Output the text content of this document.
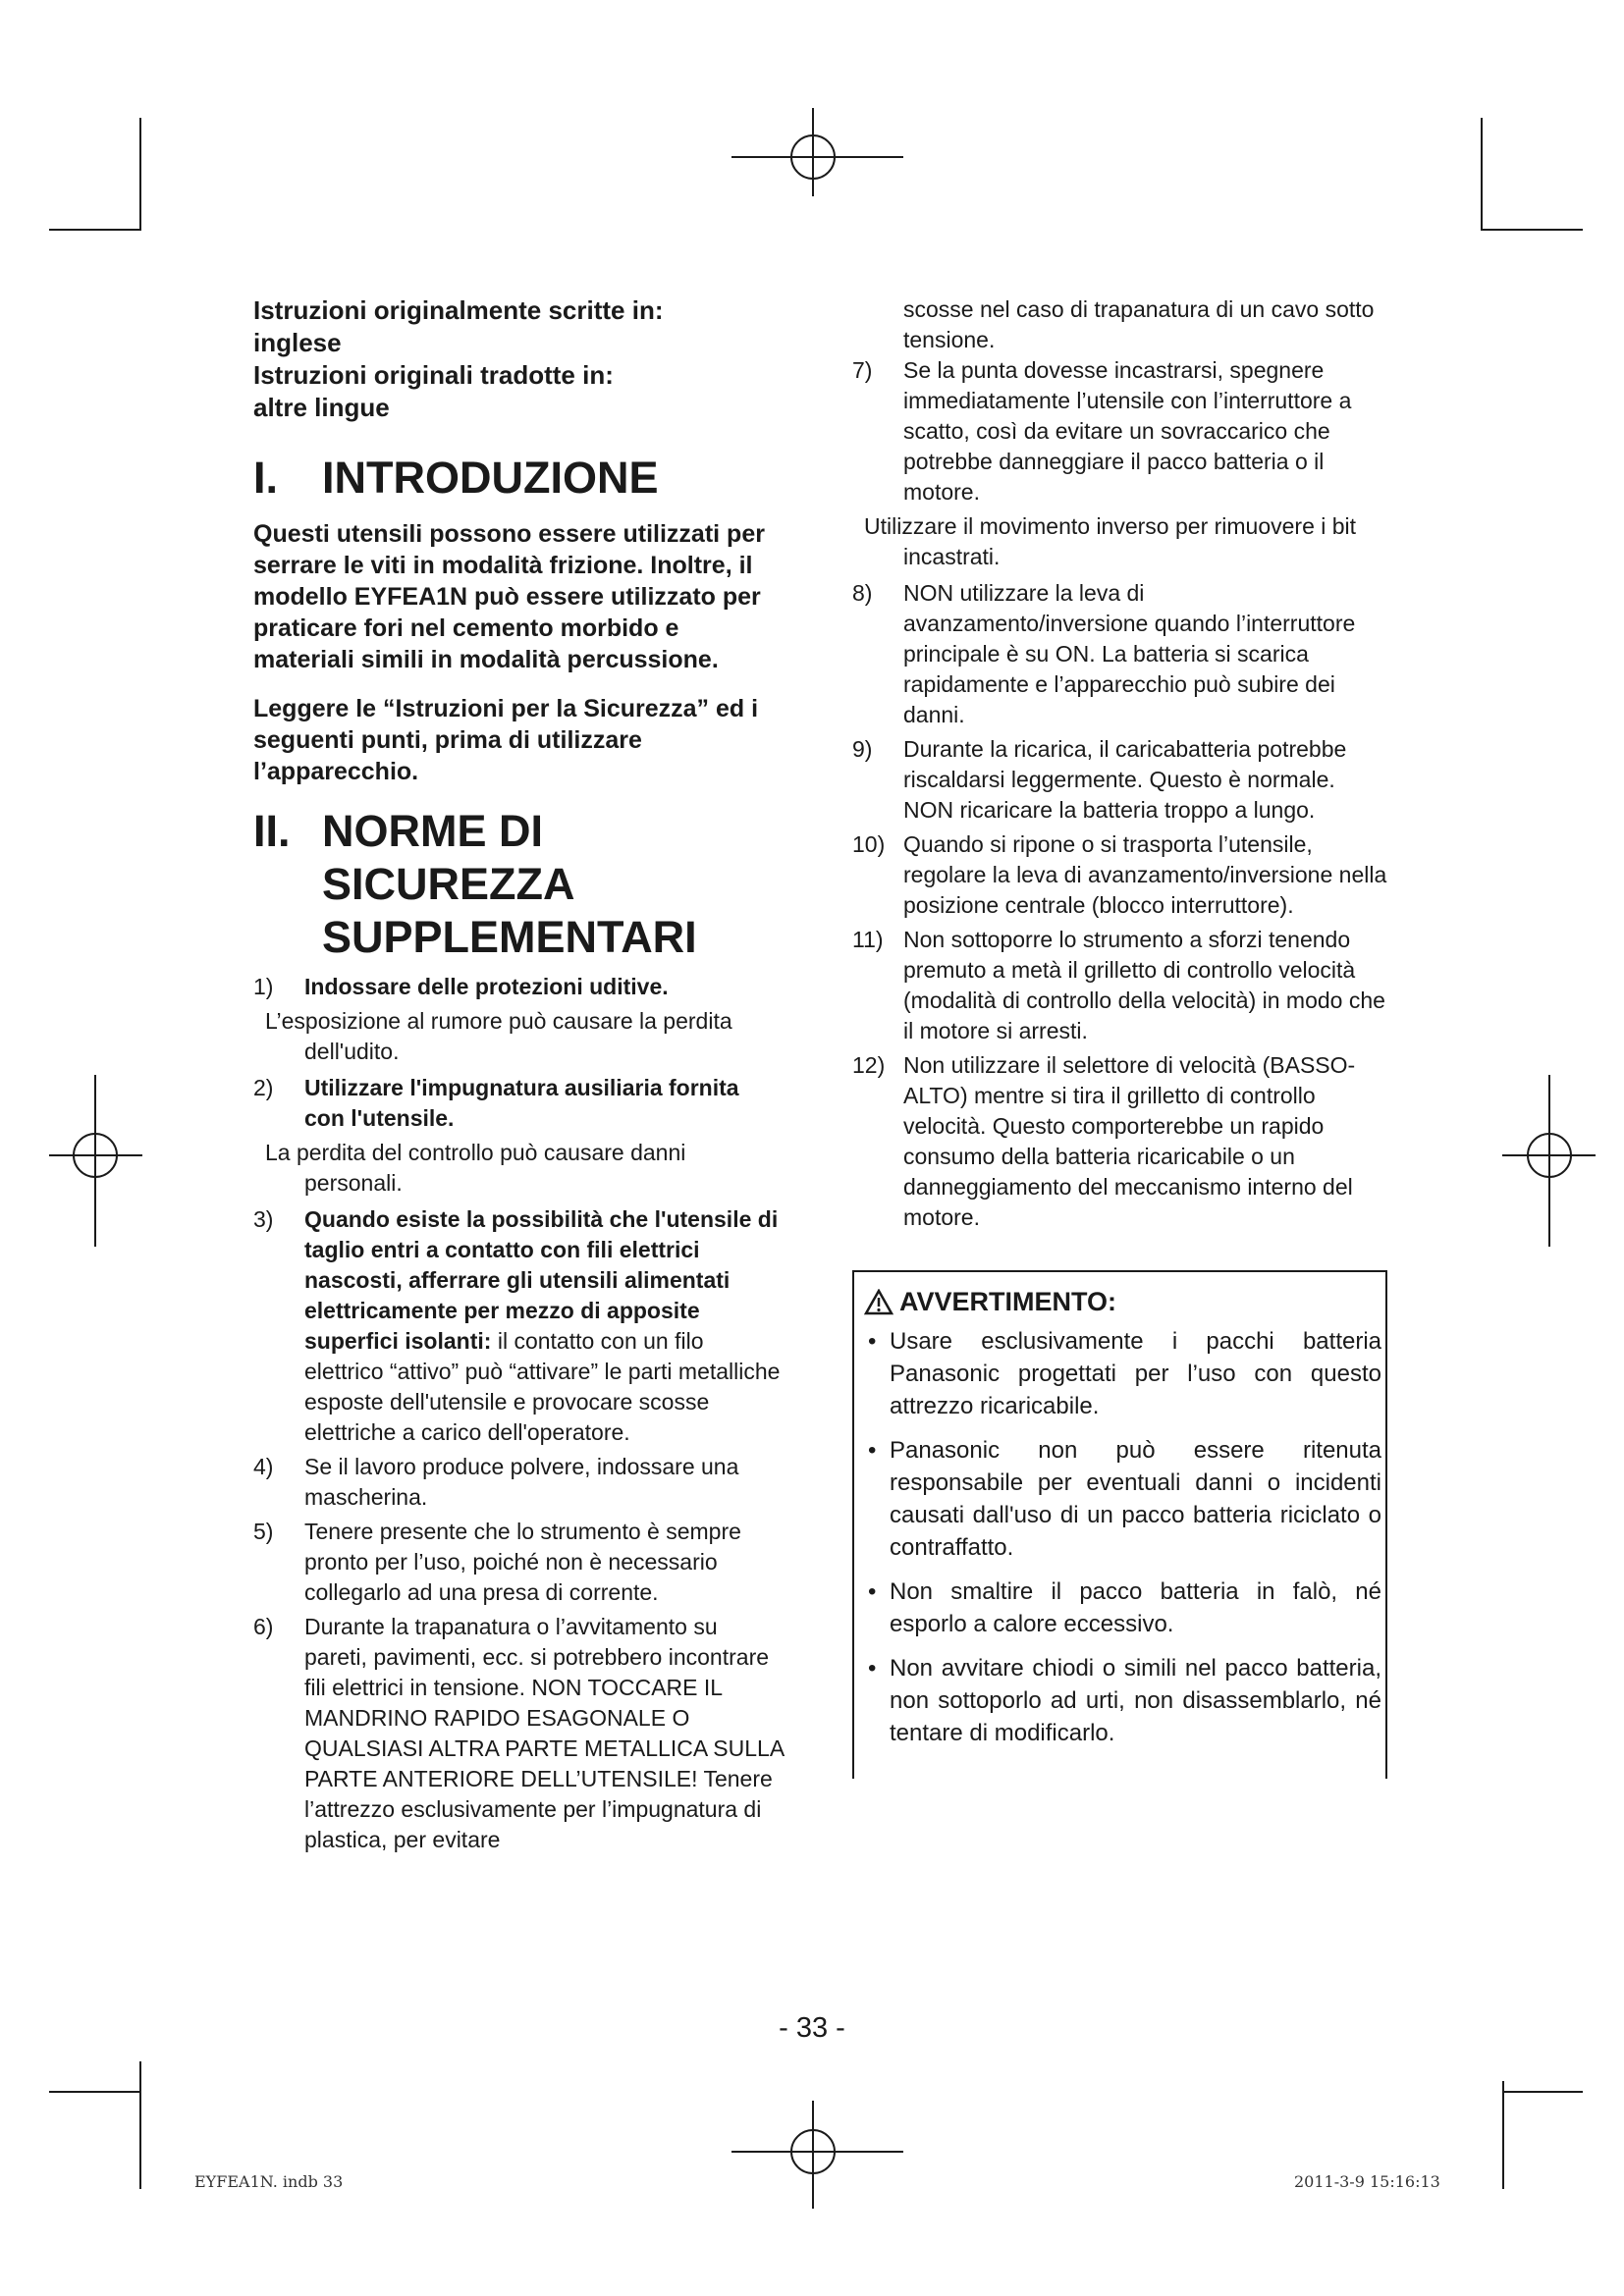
Istruzioni originalmente scritte in:

inglese

Istruzioni originali tradotte in:

altre lingue

I. INTRODUZIONE

Questi utensili possono essere utilizzati per serrare le viti in modalità frizione. Inoltre, il modello EYFEA1N può essere utilizzato per praticare fori nel cemento morbido e materiali simili in modalità percussione.

Leggere le “Istruzioni per la Sicurezza” ed i seguenti punti, prima di utilizzare l’apparecchio.

II. NORME DI SICUREZZA SUPPLEMENTARI
1) Indossare delle protezioni uditive.

L’esposizione al rumore può causare la perdita dell'udito.

2) Utilizzare l'impugnatura ausiliaria fornita con l'utensile.

La perdita del controllo può causare danni personali.

3) Quando esiste la possibilità che l'utensile di taglio entri a contatto con fili elettrici nascosti, afferrare gli utensili alimentati elettricamente per mezzo di apposite superfici isolanti: il contatto con un filo elettrico “attivo” può “attivare” le parti metalliche esposte dell'utensile e provocare scosse elettriche a carico dell'operatore.
4) Se il lavoro produce polvere, indossare una mascherina.
5) Tenere presente che lo strumento è sempre pronto per l’uso, poiché non è necessario collegarlo ad una presa di corrente.
6) Durante la trapanatura o l’avvitamento su pareti, pavimenti, ecc. si potrebbero incontrare fili elettrici in tensione. NON TOCCARE IL MANDRINO RAPIDO ESAGONALE O QUALSIASI ALTRA PARTE METALLICA SULLA PARTE ANTERIORE DELL’UTENSILE! Tenere l’attrezzo esclusivamente per l’impugnatura di plastica, per evitare

scosse nel caso di trapanatura di un cavo sotto tensione.

7) Se la punta dovesse incastrarsi, spegnere immediatamente l’utensile con l’interruttore a scatto, così da evitare un sovraccarico che potrebbe danneggiare il pacco batteria o il motore.

Utilizzare il movimento inverso per rimuovere i bit incastrati.

8) NON utilizzare la leva di avanzamento/inversione quando l’interruttore principale è su ON. La batteria si scarica rapidamente e l’apparecchio può subire dei danni.
9) Durante la ricarica, il caricabatteria potrebbe riscaldarsi leggermente. Questo è normale. NON ricaricare la batteria troppo a lungo.
10) Quando si ripone o si trasporta l’utensile, regolare la leva di avanzamento/inversione nella posizione centrale (blocco interruttore).
11) Non sottoporre lo strumento a sforzi tenendo premuto a metà il grilletto di controllo velocità (modalità di controllo della velocità) in modo che il motore si arresti.
12) Non utilizzare il selettore di velocità (BASSO-ALTO) mentre si tira il grilletto di controllo velocità. Questo comporterebbe un rapido consumo della batteria ricaricabile o un danneggiamento del meccanismo interno del motore.
AVVERTIMENTO:
• Usare esclusivamente i pacchi batteria Panasonic progettati per l’uso con questo attrezzo ricaricabile.
• Panasonic non può essere ritenuta responsabile per eventuali danni o incidenti causati dall'uso di un pacco batteria riciclato o contraffatto.
• Non smaltire il pacco batteria in falò, né esporlo a calore eccessivo.
• Non avvitare chiodi o simili nel pacco batteria, non sottoporlo ad urti, non disassemblarlo, né tentare di modificarlo.
- 33 -
EYFEA1N. indb 33	2011-3-9 15:16:13
